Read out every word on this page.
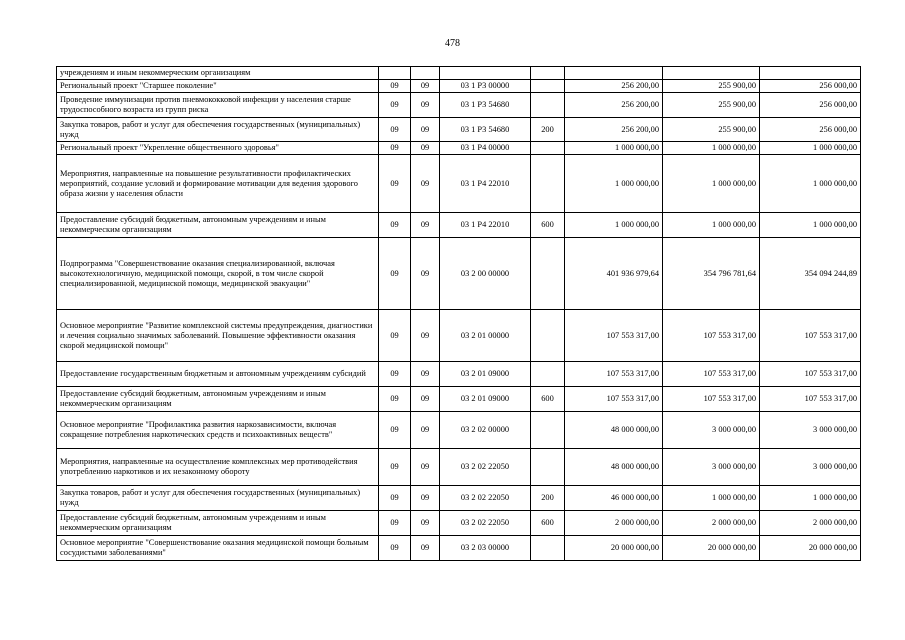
478
учреждениям и иным некоммерческим организациям							
Региональный проект "Старшее поколение"	09	09	03 1 P3 00000		256 200,00	255 900,00	256 000,00
Проведение иммунизации против пневмококковой инфекции у населения старше трудоспособного возраста из групп риска	09	09	03 1 P3 54680		256 200,00	255 900,00	256 000,00
Закупка товаров, работ и услуг для обеспечения государственных (муниципальных) нужд	09	09	03 1 P3 54680	200	256 200,00	255 900,00	256 000,00
Региональный проект "Укрепление общественного здоровья"	09	09	03 1 P4 00000		1 000 000,00	1 000 000,00	1 000 000,00
Мероприятия, направленные на повышение результативности профилактических мероприятий, создание условий и формирование мотивации для ведения здорового образа жизни у населения области	09	09	03 1 P4 22010		1 000 000,00	1 000 000,00	1 000 000,00
Предоставление субсидий бюджетным, автономным учреждениям и иным некоммерческим организациям	09	09	03 1 P4 22010	600	1 000 000,00	1 000 000,00	1 000 000,00
Подпрограмма "Совершенствование оказания специализированной, включая высокотехнологичную, медицинской помощи, скорой, в том числе скорой специализированной, медицинской помощи, медицинской эвакуации"	09	09	03 2 00 00000		401 936 979,64	354 796 781,64	354 094 244,89
Основное мероприятие "Развитие комплексной системы предупреждения, диагностики и лечения социально значимых заболеваний. Повышение эффективности оказания скорой медицинской помощи"	09	09	03 2 01 00000		107 553 317,00	107 553 317,00	107 553 317,00
Предоставление государственным бюджетным и автономным учреждениям субсидий	09	09	03 2 01 09000		107 553 317,00	107 553 317,00	107 553 317,00
Предоставление субсидий бюджетным, автономным учреждениям и иным некоммерческим организациям	09	09	03 2 01 09000	600	107 553 317,00	107 553 317,00	107 553 317,00
Основное мероприятие "Профилактика развития наркозависимости, включая сокращение потребления наркотических средств и психоактивных веществ"	09	09	03 2 02 00000		48 000 000,00	3 000 000,00	3 000 000,00
Мероприятия, направленные на осуществление комплексных мер противодействия употреблению наркотиков и их незаконному обороту	09	09	03 2 02 22050		48 000 000,00	3 000 000,00	3 000 000,00
Закупка товаров, работ и услуг для обеспечения государственных (муниципальных) нужд	09	09	03 2 02 22050	200	46 000 000,00	1 000 000,00	1 000 000,00
Предоставление субсидий бюджетным, автономным учреждениям и иным некоммерческим организациям	09	09	03 2 02 22050	600	2 000 000,00	2 000 000,00	2 000 000,00
Основное мероприятие "Совершенствование оказания медицинской помощи больным сосудистыми заболеваниями"	09	09	03 2 03 00000		20 000 000,00	20 000 000,00	20 000 000,00
